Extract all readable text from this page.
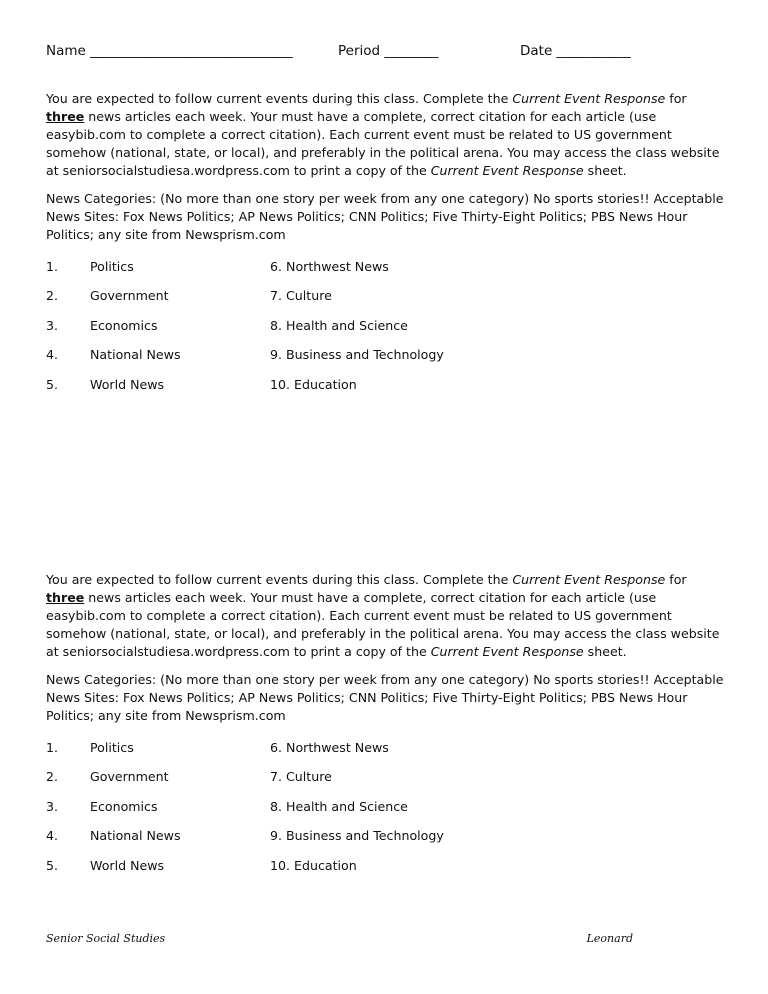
Name ______________________________	Period ________	Date ___________

You are expected to follow current events during this class. Complete the Current Event Response for three news articles each week. Your must have a complete, correct citation for each article (use easybib.com to complete a correct citation). Each current event must be related to US government somehow (national, state, or local), and preferably in the political arena. You may access the class website at seniorsocialstudiesa.wordpress.com to print a copy of the Current Event Response sheet.

News Categories: (No more than one story per week from any one category) No sports stories!! Acceptable News Sites: Fox News Politics; AP News Politics; CNN Politics; Five Thirty-Eight Politics; PBS News Hour Politics; any site from Newsprism.com

1.	Politics	6. Northwest News
2.	Government	7. Culture
3.	Economics	8. Health and Science
4.	National News	9. Business and Technology
5.	World News	10. Education

You are expected to follow current events during this class. Complete the Current Event Response for three news articles each week. Your must have a complete, correct citation for each article (use easybib.com to complete a correct citation). Each current event must be related to US government somehow (national, state, or local), and preferably in the political arena. You may access the class website at seniorsocialstudiesa.wordpress.com to print a copy of the Current Event Response sheet.

News Categories: (No more than one story per week from any one category) No sports stories!! Acceptable News Sites: Fox News Politics; AP News Politics; CNN Politics; Five Thirty-Eight Politics; PBS News Hour Politics; any site from Newsprism.com

1.	Politics	6. Northwest News
2.	Government	7. Culture
3.	Economics	8. Health and Science
4.	National News	9. Business and Technology
5.	World News	10. Education
Senior Social Studies	Leonard
